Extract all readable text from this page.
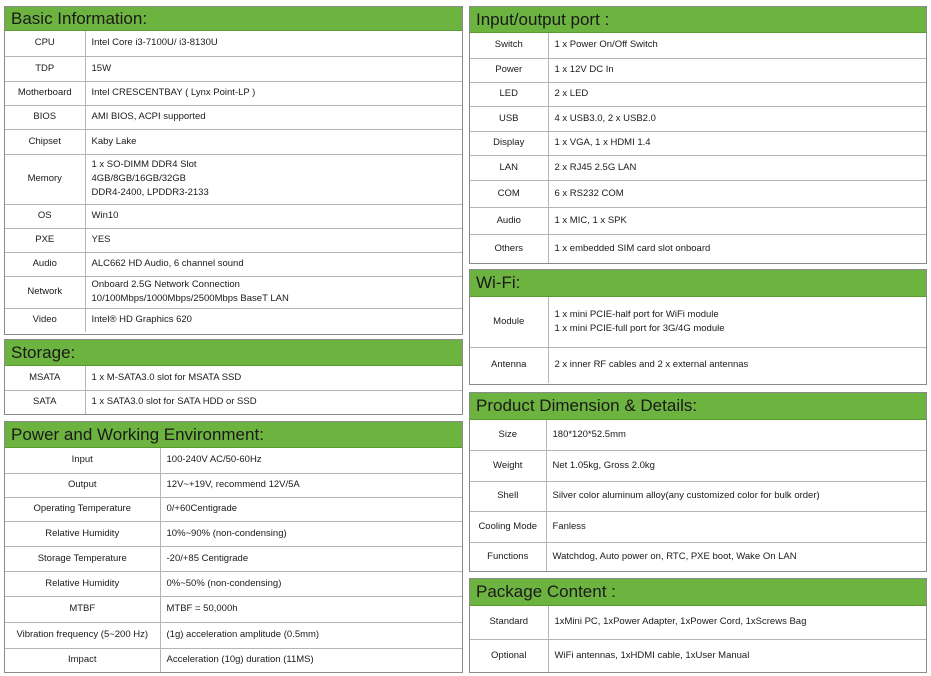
Basic Information:
CPU	Intel Core i3-7100U/ i3-8130U
TDP	15W
Motherboard	Intel CRESCENTBAY ( Lynx Point-LP )
BIOS	AMI BIOS, ACPI supported
Chipset	Kaby Lake
Memory	1 x SO-DIMM DDR4 Slot
4GB/8GB/16GB/32GB
DDR4-2400, LPDDR3-2133

OS	Win10
PXE	YES
Audio	ALC662 HD Audio, 6 channel sound
Network	Onboard 2.5G Network Connection
10/100Mbps/1000Mbps/2500Mbps BaseT LAN

Video	Intel® HD Graphics 620
Storage:
MSATA	1 x M-SATA3.0 slot for MSATA SSD
SATA	1 x SATA3.0 slot for SATA HDD or SSD
Power and Working Environment:
Input	100-240V AC/50-60Hz
Output	12V~+19V, recommend 12V/5A
Operating Temperature	0/+60Centigrade
Relative Humidity	10%~90% (non-condensing)
Storage Temperature	-20/+85 Centigrade
Relative Humidity	0%~50% (non-condensing)
MTBF	MTBF = 50,000h
Vibration frequency (5~200 Hz)	(1g) acceleration amplitude (0.5mm)
Impact	Acceleration (10g) duration (11MS)
Input/output port :
Switch	1 x Power On/Off Switch
Power	1 x 12V DC In
LED	2 x LED
USB	4 x USB3.0, 2 x USB2.0
Display	1 x VGA, 1 x HDMI 1.4
LAN	2 x RJ45 2.5G LAN
COM	6 x RS232 COM
Audio	1 x MIC, 1 x SPK
Others	1 x embedded SIM card slot onboard
Wi-Fi:
Module	1 x mini PCIE-half port for WiFi module
1 x mini PCIE-full port for 3G/4G module

Antenna	2 x inner RF cables and 2 x external antennas
Product Dimension & Details:
Size	180*120*52.5mm
Weight	Net 1.05kg, Gross 2.0kg
Shell	Silver color aluminum alloy(any customized color for bulk order)
Cooling Mode	Fanless
Functions	Watchdog, Auto power on, RTC, PXE boot, Wake On LAN
Package Content :
Standard	1xMini PC, 1xPower Adapter, 1xPower Cord, 1xScrews Bag
Optional	WiFi antennas, 1xHDMI cable, 1xUser Manual
